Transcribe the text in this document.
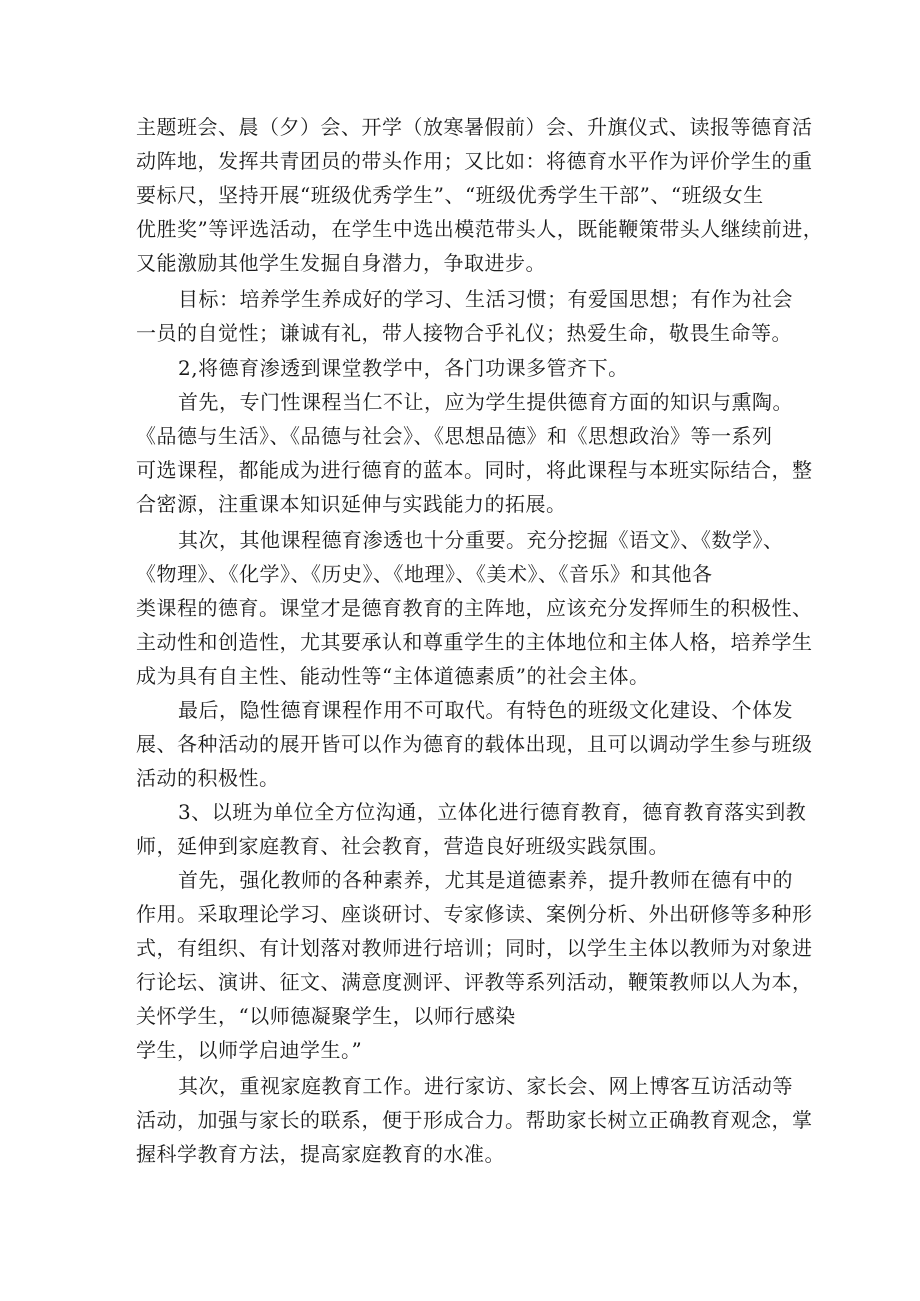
主题班会、晨（夕）会、开学（放寒暑假前）会、升旗仪式、读报等德育活
动阵地，发挥共青团员的带头作用；又比如：将德育水平作为评价学生的重
要标尺，坚持开展“班级优秀学生”、“班级优秀学生干部”、“班级女生
优胜奖”等评选活动，在学生中选出模范带头人，既能鞭策带头人继续前进，
又能激励其他学生发掘自身潜力，争取进步。
目标：培养学生养成好的学习、生活习惯；有爱国思想；有作为社会
一员的自觉性；谦诚有礼，带人接物合乎礼仪；热爱生命，敬畏生命等。
2,将德育渗透到课堂教学中，各门功课多管齐下。
首先，专门性课程当仁不让，应为学生提供德育方面的知识与熏陶。
《品德与生活》、《品德与社会》、《思想品德》和《思想政治》等一系列
可选课程，都能成为进行德育的蓝本。同时，将此课程与本班实际结合，整
合密源，注重课本知识延伸与实践能力的拓展。
其次，其他课程德育渗透也十分重要。充分挖掘《语文》、《数学》、
《物理》、《化学》、《历史》、《地理》、《美术》、《音乐》和其他各
类课程的德育。课堂才是德育教育的主阵地，应该充分发挥师生的积极性、
主动性和创造性，尤其要承认和尊重学生的主体地位和主体人格，培养学生
成为具有自主性、能动性等“主体道德素质”的社会主体。
最后，隐性德育课程作用不可取代。有特色的班级文化建设、个体发
展、各种活动的展开皆可以作为德育的载体出现，且可以调动学生参与班级
活动的积极性。
3、以班为单位全方位沟通，立体化进行德育教育，德育教育落实到教
师，延伸到家庭教育、社会教育，营造良好班级实践氛围。
首先，强化教师的各种素养，尤其是道德素养，提升教师在德有中的
作用。采取理论学习、座谈研讨、专家修读、案例分析、外出研修等多种形
式，有组织、有计划落对教师进行培训；同时，以学生主体以教师为对象进
行论坛、演讲、征文、满意度测评、评教等系列活动，鞭策教师以人为本，
关怀学生，“以师德凝聚学生，以师行感染
学生，以师学启迪学生。”
其次，重视家庭教育工作。进行家访、家长会、网上博客互访活动等
活动，加强与家长的联系，便于形成合力。帮助家长树立正确教育观念，掌
握科学教育方法，提高家庭教育的水准。
